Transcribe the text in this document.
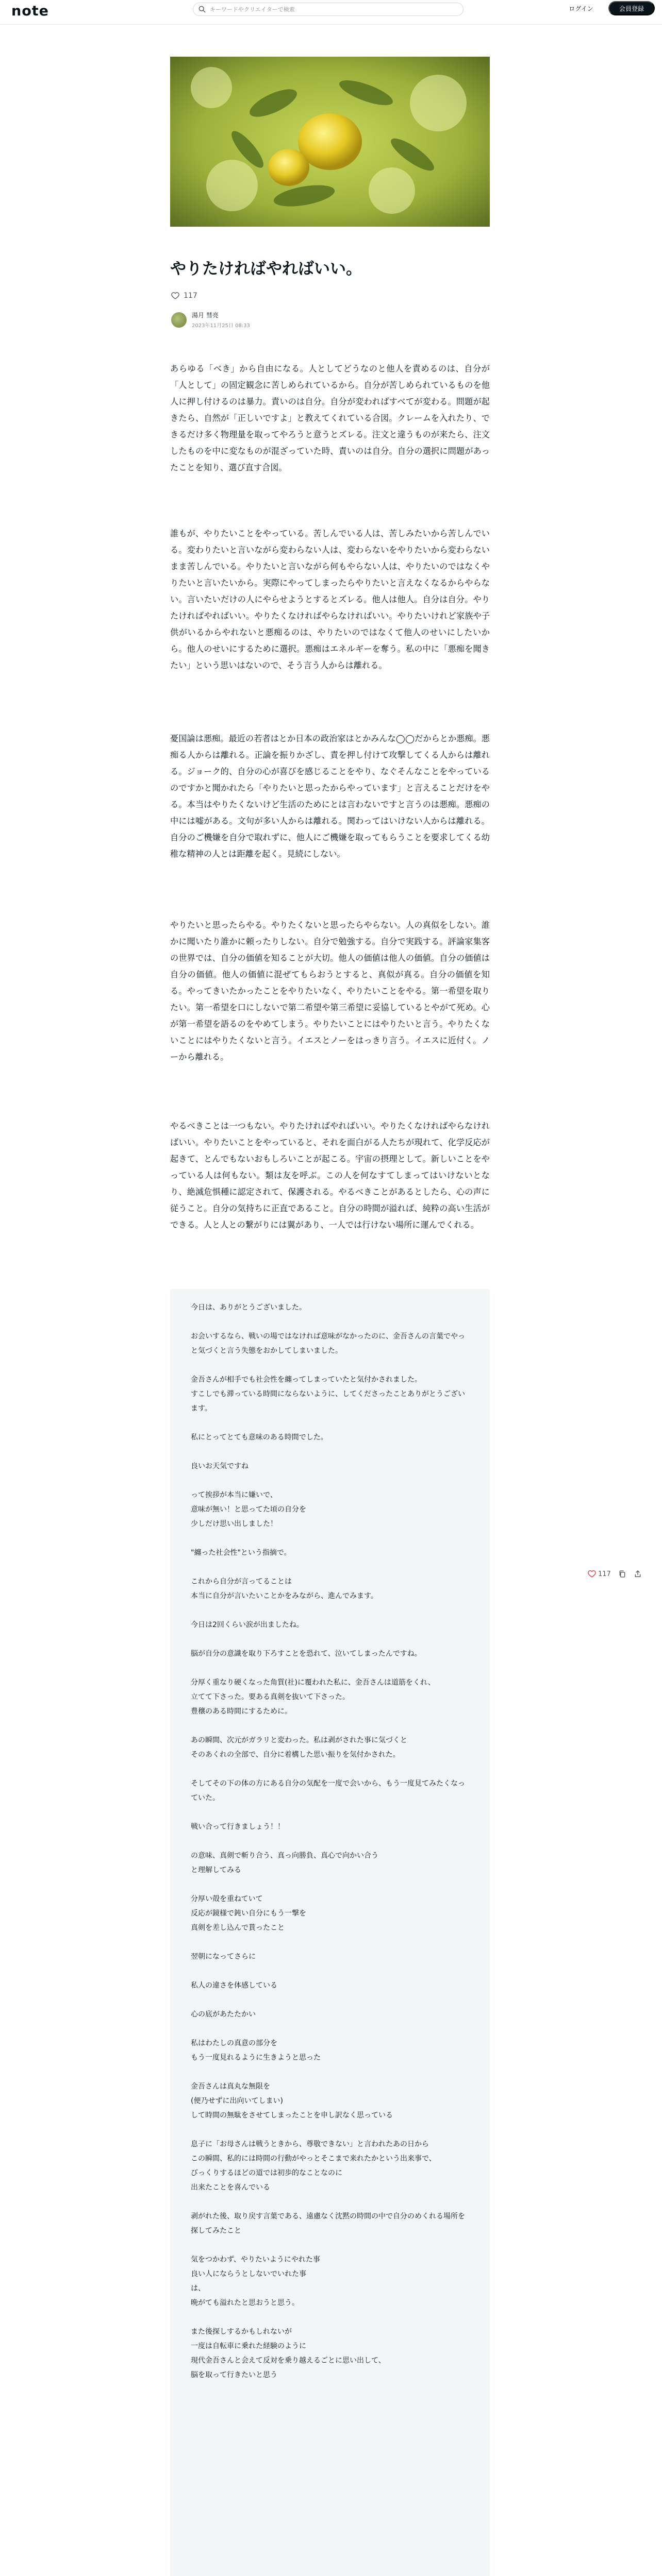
note
キーワードやクリエイターで検索	ログイン	会員登録
やりたければやればいい。
117
湯月 彗亮
2023年11月25日 08:33
あらゆる「べき」から自由になる。人としてどうなのと他人を責めるのは、自分が「人として」の固定観念に苦しめられているから。自分が苦しめられているものを他人に押し付けるのは暴力。責いのは自分。自分が変わればすべてが変わる。問題が起きたら、自然が「正しいですよ」と教えてくれている合図。クレームを入れたり、できるだけ多く物理量を取ってやろうと意うとズレる。注文と違うものが来たら、注文したものを中に変なものが混ざっていた時、責いのは自分。自分の選択に問題があったことを知り、選び直す合図。
誰もが、やりたいことをやっている。苦しんでいる人は、苦しみたいから苦しんでいる。変わりたいと言いながら変わらない人は、変わらないをやりたいから変わらないまま苦しんでいる。やりたいと言いながら何もやらない人は、やりたいのではなくやりたいと言いたいから。実際にやってしまったらやりたいと言えなくなるからやらない。言いたいだけの人にやらせようとするとズレる。他人は他人。自分は自分。やりたければやればいい。やりたくなければやらなければいい。やりたいけれど家族や子供がいるからやれないと悪痴るのは、やりたいのではなくて他人のせいにしたいから。他人のせいにするために選択。悪痴はエネルギーを奪う。私の中に「悪痴を聞きたい」という思いはないので、そう言う人からは離れる。
憂国論は悪痴。最近の若者はとか日本の政治家はとかみんな◯◯だからとか悪痴。悪痴る人からは離れる。正論を振りかざし、責を押し付けて攻撃してくる人からは離れる。ジョーク的、自分の心が喜びを感じることをやり、なぐそんなことをやっているのですかと聞かれたら「やりたいと思ったからやっています」と言えることだけをやる。本当はやりたくないけど生活のためにとは言わないですと言うのは悪痴。悪痴の中には嘘がある。文句が多い人からは離れる。関わってはいけない人からは離れる。自分のご機嫌を自分で取れずに、他人にご機嫌を取ってもらうことを要求してくる幼稚な精神の人とは距離を起く。見続にしない。
やりたいと思ったらやる。やりたくないと思ったらやらない。人の真似をしない。誰かに聞いたり誰かに頼ったりしない。自分で勉強する。自分で実践する。評論家集客の世界では、自分の価値を知ることが大切。他人の価値は他人の価値。自分の価値は自分の価値。他人の価値に混ぜてもらおうとすると、真似が真る。自分の価値を知る。やってきいたかったことをやりたいなく、やりたいことをやる。第一希望を取りたい。第一希望を口にしないで第二希望や第三希望に妥協しているとやがて死め。心が第一希望を語るのをやめてしまう。やりたいことにはやりたいと言う。やりたくないことにはやりたくないと言う。イエスとノーをはっきり言う。イエスに近付く。ノーから離れる。
やるべきことは一つもない。やりたければやればいい。やりたくなければやらなければいい。やりたいことをやっていると、それを面白がる人たちが現れて、化学反応が起きて、とんでもないおもしろいことが起こる。宇宙の摂理として。新しいことをやっている人は何もない。類は友を呼ぶ。この人を何なすてしまってはいけないとなり、絶滅危惧種に認定されて、保護される。やるべきことがあるとしたら、心の声に従うこと。自分の気持ちに正直であること。自分の時間が溢れば、純粋の高い生活ができる。人と人との繋がりには翼があり、一人では行けない場所に運んでくれる。

今日は、ありがとうございました。

お会いするなら、戦いの場ではなければ意味がなかったのに、金吾さんの言葉でやっと気づくと言う失態をおかしてしまいました。

金吾さんが相手でも社会性を纏ってしまっていたと気付かされました。
すこしでも滞っている時間にならないように、してくださったことありがとうございます。

私にとってとても意味のある時間でした。

良いお天気ですね

って挨拶が本当に嫌いで、
意味が無い！と思ってた頃の自分を
少しだけ思い出しました！

"纏った社会性"という指摘で。

これから自分が言ってることは
本当に自分が言いたいことかをみながら、進んでみます。

今日は2回くらい涙が出ましたね。

脳が自分の意識を取り下ろすことを恐れて、泣いてしまったんですね。

分厚く重なり硬くなった角質(社)に覆われた私に、金吾さんは道筋をくれ、
立てて下さった。要ある真剣を抜いて下さった。
豊穣のある時間にするために。

あの瞬間、次元がガラリと変わった。私は剥がされた事に気づくと
そのあくれの全部で、自分に着構した思い振りを気付かされた。

そしてその下の体の方にある自分の気配を一度で会いから、もう一度見てみたくなっていた。

戦い合って行きましょう！！

の意味、真剣で斬り合う、真っ向勝負、真心で向かい合う
と理解してみる

分厚い殻を重ねていて
反応が鏡様で鈍い自分にもう一撃を
真剣を差し込んで貰ったこと

翌朝になってさらに

私人の違さを体感している

心の底があたたかい

私はわたしの真意の部分を
もう一度見れるように生きようと思った

金吾さんは真丸な無限を
(便乃せずに出向いてしまい)
して時間の無駄をさせてしまったことを申し訳なく思っている

息子に「お母さんは戦うときから、尊敬できない」と言われたあの日から
この瞬間、私的には時間の行動がやっとそこまで来れたかという出来事で、
びっくりするほどの道では初歩的なことなのに
出来たことを喜んでいる

剥がれた後、取り戻す言葉である、遠慮なく沈黙の時間の中で自分のめくれる場所を探してみたこと

気をつかわず、やりたいようにやれた事
良い人にならうとしないでいれた事
は、
晩がても溢れたと思おうと思う。

また後探しするかもしれないが
一度は自転車に乗れた経験のように
現代金吾さんと会えて反対を乗り越えるごとに思い出して、
脳を取って行きたいと思う

117
